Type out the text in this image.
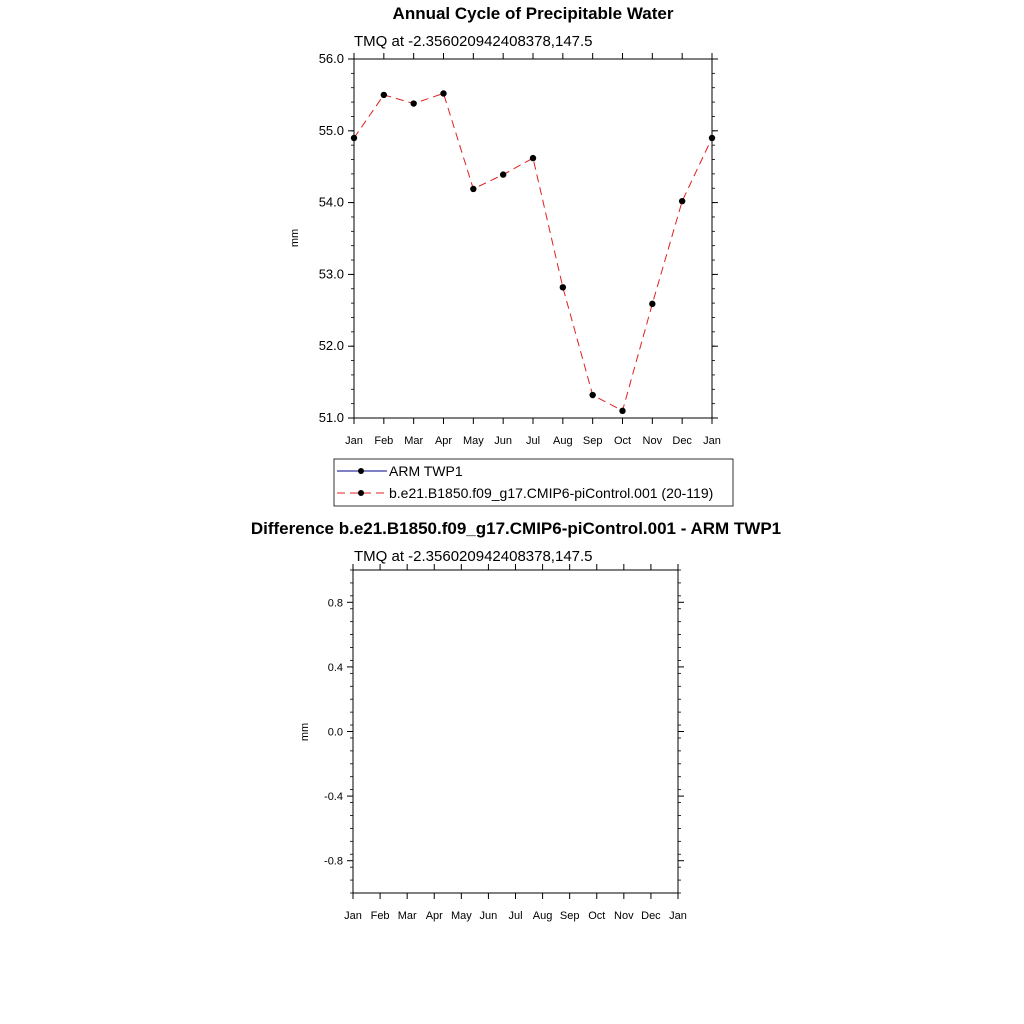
Annual Cycle of Precipitable Water
TMQ at -2.356020942408378,147.5
mm
51.0
52.0
53.0
54.0
55.0
56.0
Jan Feb Mar Apr May Jun Jul Aug Sep Oct Nov Dec Jan
ARM TWP1
b.e21.B1850.f09_g17.CMIP6-piControl.001 (20-119)
Difference b.e21.B1850.f09_g17.CMIP6-piControl.001 - ARM TWP1
TMQ at -2.356020942408378,147.5
mm
-0.8
-0.4
0.0
0.4
0.8
Jan Feb Mar Apr May Jun Jul Aug Sep Oct Nov Dec Jan
